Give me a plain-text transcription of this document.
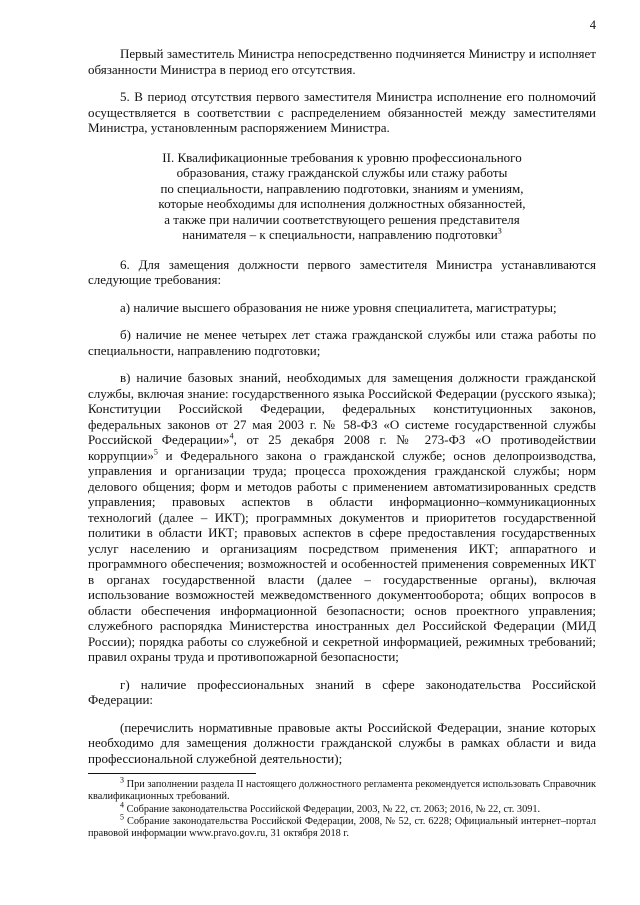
4

Первый заместитель Министра непосредственно подчиняется Министру и исполняет обязанности Министра в период его отсутствия.

5. В период отсутствия первого заместителя Министра исполнение его полномочий осуществляется в соответствии с распределением обязанностей между заместителями Министра, установленным распоряжением Министра.

II. Квалификационные требования к уровню профессионального
образования, стажу гражданской службы или стажу работы
по специальности, направлению подготовки, знаниям и умениям,
которые необходимы для исполнения должностных обязанностей,
а также при наличии соответствующего решения представителя
нанимателя – к специальности, направлению подготовки$^3$

6. Для замещения должности первого заместителя Министра устанавливаются следующие требования:

а) наличие высшего образования не ниже уровня специалитета, магистратуры;

б) наличие не менее четырех лет стажа гражданской службы или стажа работы по специальности, направлению подготовки;

в) наличие базовых знаний, необходимых для замещения должности гражданской службы, включая знание: государственного языка Российской Федерации (русского языка); Конституции Российской Федерации, федеральных конституционных законов, федеральных законов от 27 мая 2003 г. № 58-ФЗ «О системе государственной службы Российской Федерации»$^4$, от 25 декабря 2008 г. № 273-ФЗ «О противодействии коррупции»$^5$ и Федерального закона о гражданской службе; основ делопроизводства, управления и организации труда; процесса прохождения гражданской службы; норм делового общения; форм и методов работы с применением автоматизированных средств управления; правовых аспектов в области информационно–коммуникационных технологий (далее – ИКТ); программных документов и приоритетов государственной политики в области ИКТ; правовых аспектов в сфере предоставления государственных услуг населению и организациям посредством применения ИКТ; аппаратного и программного обеспечения; возможностей и особенностей применения современных ИКТ в органах государственной власти (далее – государственные органы), включая использование возможностей межведомственного документооборота; общих вопросов в области обеспечения информационной безопасности; основ проектного управления; служебного распорядка Министерства иностранных дел Российской Федерации (МИД России); порядка работы со служебной и секретной информацией, режимных требований; правил охраны труда и противопожарной безопасности;

г) наличие профессиональных знаний в сфере законодательства Российской Федерации:

(перечислить нормативные правовые акты Российской Федерации, знание которых необходимо для замещения должности гражданской службы в рамках области и вида профессиональной служебной деятельности);

$^3$ При заполнении раздела II настоящего должностного регламента рекомендуется использовать Справочник квалификационных требований.

$^4$ Собрание законодательства Российской Федерации, 2003, № 22, ст. 2063; 2016, № 22, ст. 3091.

$^5$ Собрание законодательства Российской Федерации, 2008, № 52, ст. 6228; Официальный интернет–портал правовой информации www.pravo.gov.ru, 31 октября 2018 г.
